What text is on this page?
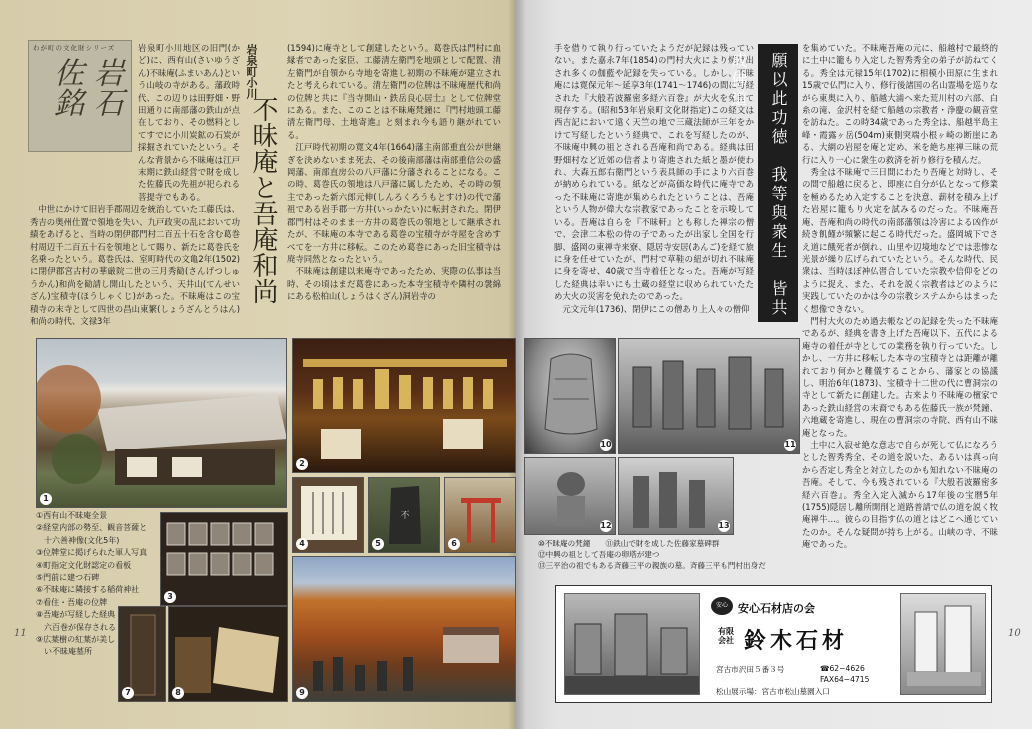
わが町の文化財シリーズ
岩石 佐銘

岩泉町小川地区の旧門(かど)に、西有山(さいゆうざん)不昧庵(ふまいあん)という山岐の寺がある。藩政時代、この辺りは田野畑・野田通りに南部藩の鉄山が点在しており、その燃料としてすでに小川炭鉱の石炭が採掘されていたという。そんな背景から不昧庵は江戸末期に鉄山経営で財を成した佐藤氏の先祖が祀られる菩提寺でもある。

中世にかけて旧岩手郡周辺を統治していた工藤氏は、秀吉の奥州仕置で領地を失い、九戸政実の乱において功績をあげると、当時の閉伊郡門村二百五十石を含む葛巻村周辺千二百五十石を領地として賜り、新たに葛巻氏を名乗ったという。葛巻氏は、室町時代の文亀2年(1502)に閉伊郡宮古村の華厳院二世の三月秀勧(さんげつしゅうかん)和尚を勧請し開山したという、天井山(てんせいざん)宝積寺(ほうしゃくじ)があった。不昧庵はこの宝積寺の末寺として四世の昌山東繁(しょうざんとうはん)和尚の時代、文禄3年

岩泉町小川
不昧庵と吾庵和尚

(1594)に庵寺として創建したという。葛巻氏は門村に血縁者であった家臣、工藤清左衛門を地頭として配置、清左衛門が自領から寺地を寄進し初期の不昧庵が建立されたと考えられている。清左衛門の位牌は不昧庵歴代和尚の位牌と共に『当寺開山・鉄岳良心居士』として位牌堂にある。また、このことは不昧庵梵鐘に『門村地頭工藤清左衛門母、土地寄進』と刻まれ今も語り継がれている。

江戸時代初期の寛文4年(1664)藩主南部重直公が世継ぎを決めないまま死去、その後南部藩は南部重信公の盛岡藩、南部直房公の八戸藩に分藩されることになる。この時、葛巻氏の領地は八戸藩に属したため、その時の領主であった新六郎元伸(しんろくろうもとすけ)の代で藩祖である岩手郡一方井(いっかたい)に転封された。閉伊郡門村はそのまま一方井の葛巻氏の領地として継承されたが、不昧庵の本寺である葛巻の宝積寺が寺屋を含めすべてを一方井に移転。このため葛巻にあった旧宝積寺は廃寺同然となったという。

不昧庵は創建以来庵寺であったため、実際の仏事は当時、その頃はまだ葛巻にあった本寺宝積寺や隣村の袰綿にある松柏山(しょうはくざん)洞岩寺の

1
2
3
4
不
5	6
7	8	9
①西有山不昧庵全景
②経堂内部の勢至、観音菩薩と
　十六善神像(文化5年)
③位牌堂に掲げられた軍人写真
④町指定文化財認定の看板
⑤門前に建つ石碑
⑥不昧庵に隣接する稲荷神社
⑦看住・吾庵の位牌
⑧吾庵が写経した経典
　六百巻が保存される
⑨広葉樹の紅葉が美し
　い不昧庵墓所
11

手を借りて執り行っていたようだが記録は残っていない。また嘉永7年(1854)の門村大火により焼け出され多くの伽藍や記録を失っている。しかし、不昧庵には寛保元年〜延享3年(1741〜1746)の間に写経された『大般若波羅密多経六百巻』が大火を免れて現存する。(昭和53年岩泉町文化財指定)この経文は西吉記において遠く天竺の地で三蔵法師が三年をかけて写経したという経典で、これを写経したのが、不昧庵中興の祖とされる吾庵和尚である。経典は田野畑村など近郊の信者より寄進された紙と墨が使われ、大森五郎右衛門という表具師の手により六百巻が納められている。紙などが高価な時代に庵寺であった不昧庵に寄進が集められたということは、吾庵という人物が偉大な宗教家であったことを示唆している。吾庵は自らを『不昧軒』とも称した禅宗の僧で、会津二本松の侍の子であったが出家し全国を行脚、盛岡の東禅寺来寮、隠居寺安居(あんご)を経て旅に身を任せていたが、門村で草鞋の紐が切れ不昧庵に身を寄せ、40歳で当寺着任となった。吾庵が写経した経典は幸いにも土蔵の経堂に収められていたため大火の災害を免れたのであった。

元文元年(1736)、閉伊にこの僧あり上人々の僧仰	願以此功徳　我等與衆生　皆共成佛道

を集めていた。不昧庵吾庵の元に、船越村で最終的に土中に籠もり入定した智秀秀全の弟子が訪ねてくる。秀全は元禄15年(1702)に相模小田原に生まれ15歳で仏門に入り、修行後諸国の名山霊場を巡りながら東奥に入り、船越大浦へ来た荒川村の六部、白糸の滝、金沢村を経て船越の宗教者・浄慶の観音堂を訪ねた。この時34歳であった秀全は、船越半島主峰・霞露ヶ岳(504m)東側突端小根ヶ崎の断崖にある、大網の岩屋を庵と定め、米を絶ち座禅三昧の荒行に入り一心に衆生の救済を祈り修行を積んだ。

秀全は不昧庵で三日間にわたり吾庵と対時し、その間で船越に戻ると、即座に自分が仏となって修業を極めるため入定することを決意、薪材を積み上げた岩屋に籠もり火定を試みるのだった。不昧庵吾庵、吾庵和尚の時代の南部藩領は冷害による凶作が続き飢饉が頻繁に起こる時代だった。盛岡城下でさえ道に餓死者が倒れ、山里や辺境地などでは悲惨な光景が繰り広げられていたという。そんな時代、民衆は、当時ほぼ神仏習合していた宗教や信仰をどのように捉え、また、それを説く宗教者はどのように実践していたのかは今の宗教システムからはまったく想像できない。

門村大火のため過去帳などの記録を失った不昧庵であるが、経典を書き上げた吾庵以下、五代による庵寺の着任が寺としての業務を執り行っていた。しかし、一方井に移転した本寺の宝積寺とは距離が離れており何かと難儀することから、藩家との協議し、明治6年(1873)、宝積寺十二世の代に曹洞宗の寺として新たに創建した。古来より不昧庵の檀家であった鉄山経営の末裔でもある佐藤氏一族が梵鐘、六地蔵を寄進し、現在の曹洞宗の寺院、西有山不昧庵となった。

土中に入寂せ絶な意志で自らが死して仏になろうとした智秀秀全、その道を説いた、あるいは真っ向から否定し秀全と対立したのかも知れない不昧庵の吾庵。そして、今も残されている『大般若波羅密多経六百巻』。秀全入定入滅から17年後の宝暦5年(1755)隠居し離所開削と道路普請で仏の道を説く牧庵禅牛…。彼らの目指す仏の道とはどこへ通じていたのか。そんな疑問が持ち上がる。山峡の寺、不昧庵であった。

10	11
12	13
⑩不昧庵の梵鐘　　⑪鉄山で財を成した佐藤家墓碑群
⑫中興の祖として吾庵の卵塔が建つ
⑬三平治の祖でもある斉藤三平の親族の墓。斉藤三平も門村出身だ
安心 安心石材店の会
有限会社 鈴木石材
宮古市沢田５番３号	☎62−4626
FAX64−4715
松山展示場：宮古市松山墓園入口
10
